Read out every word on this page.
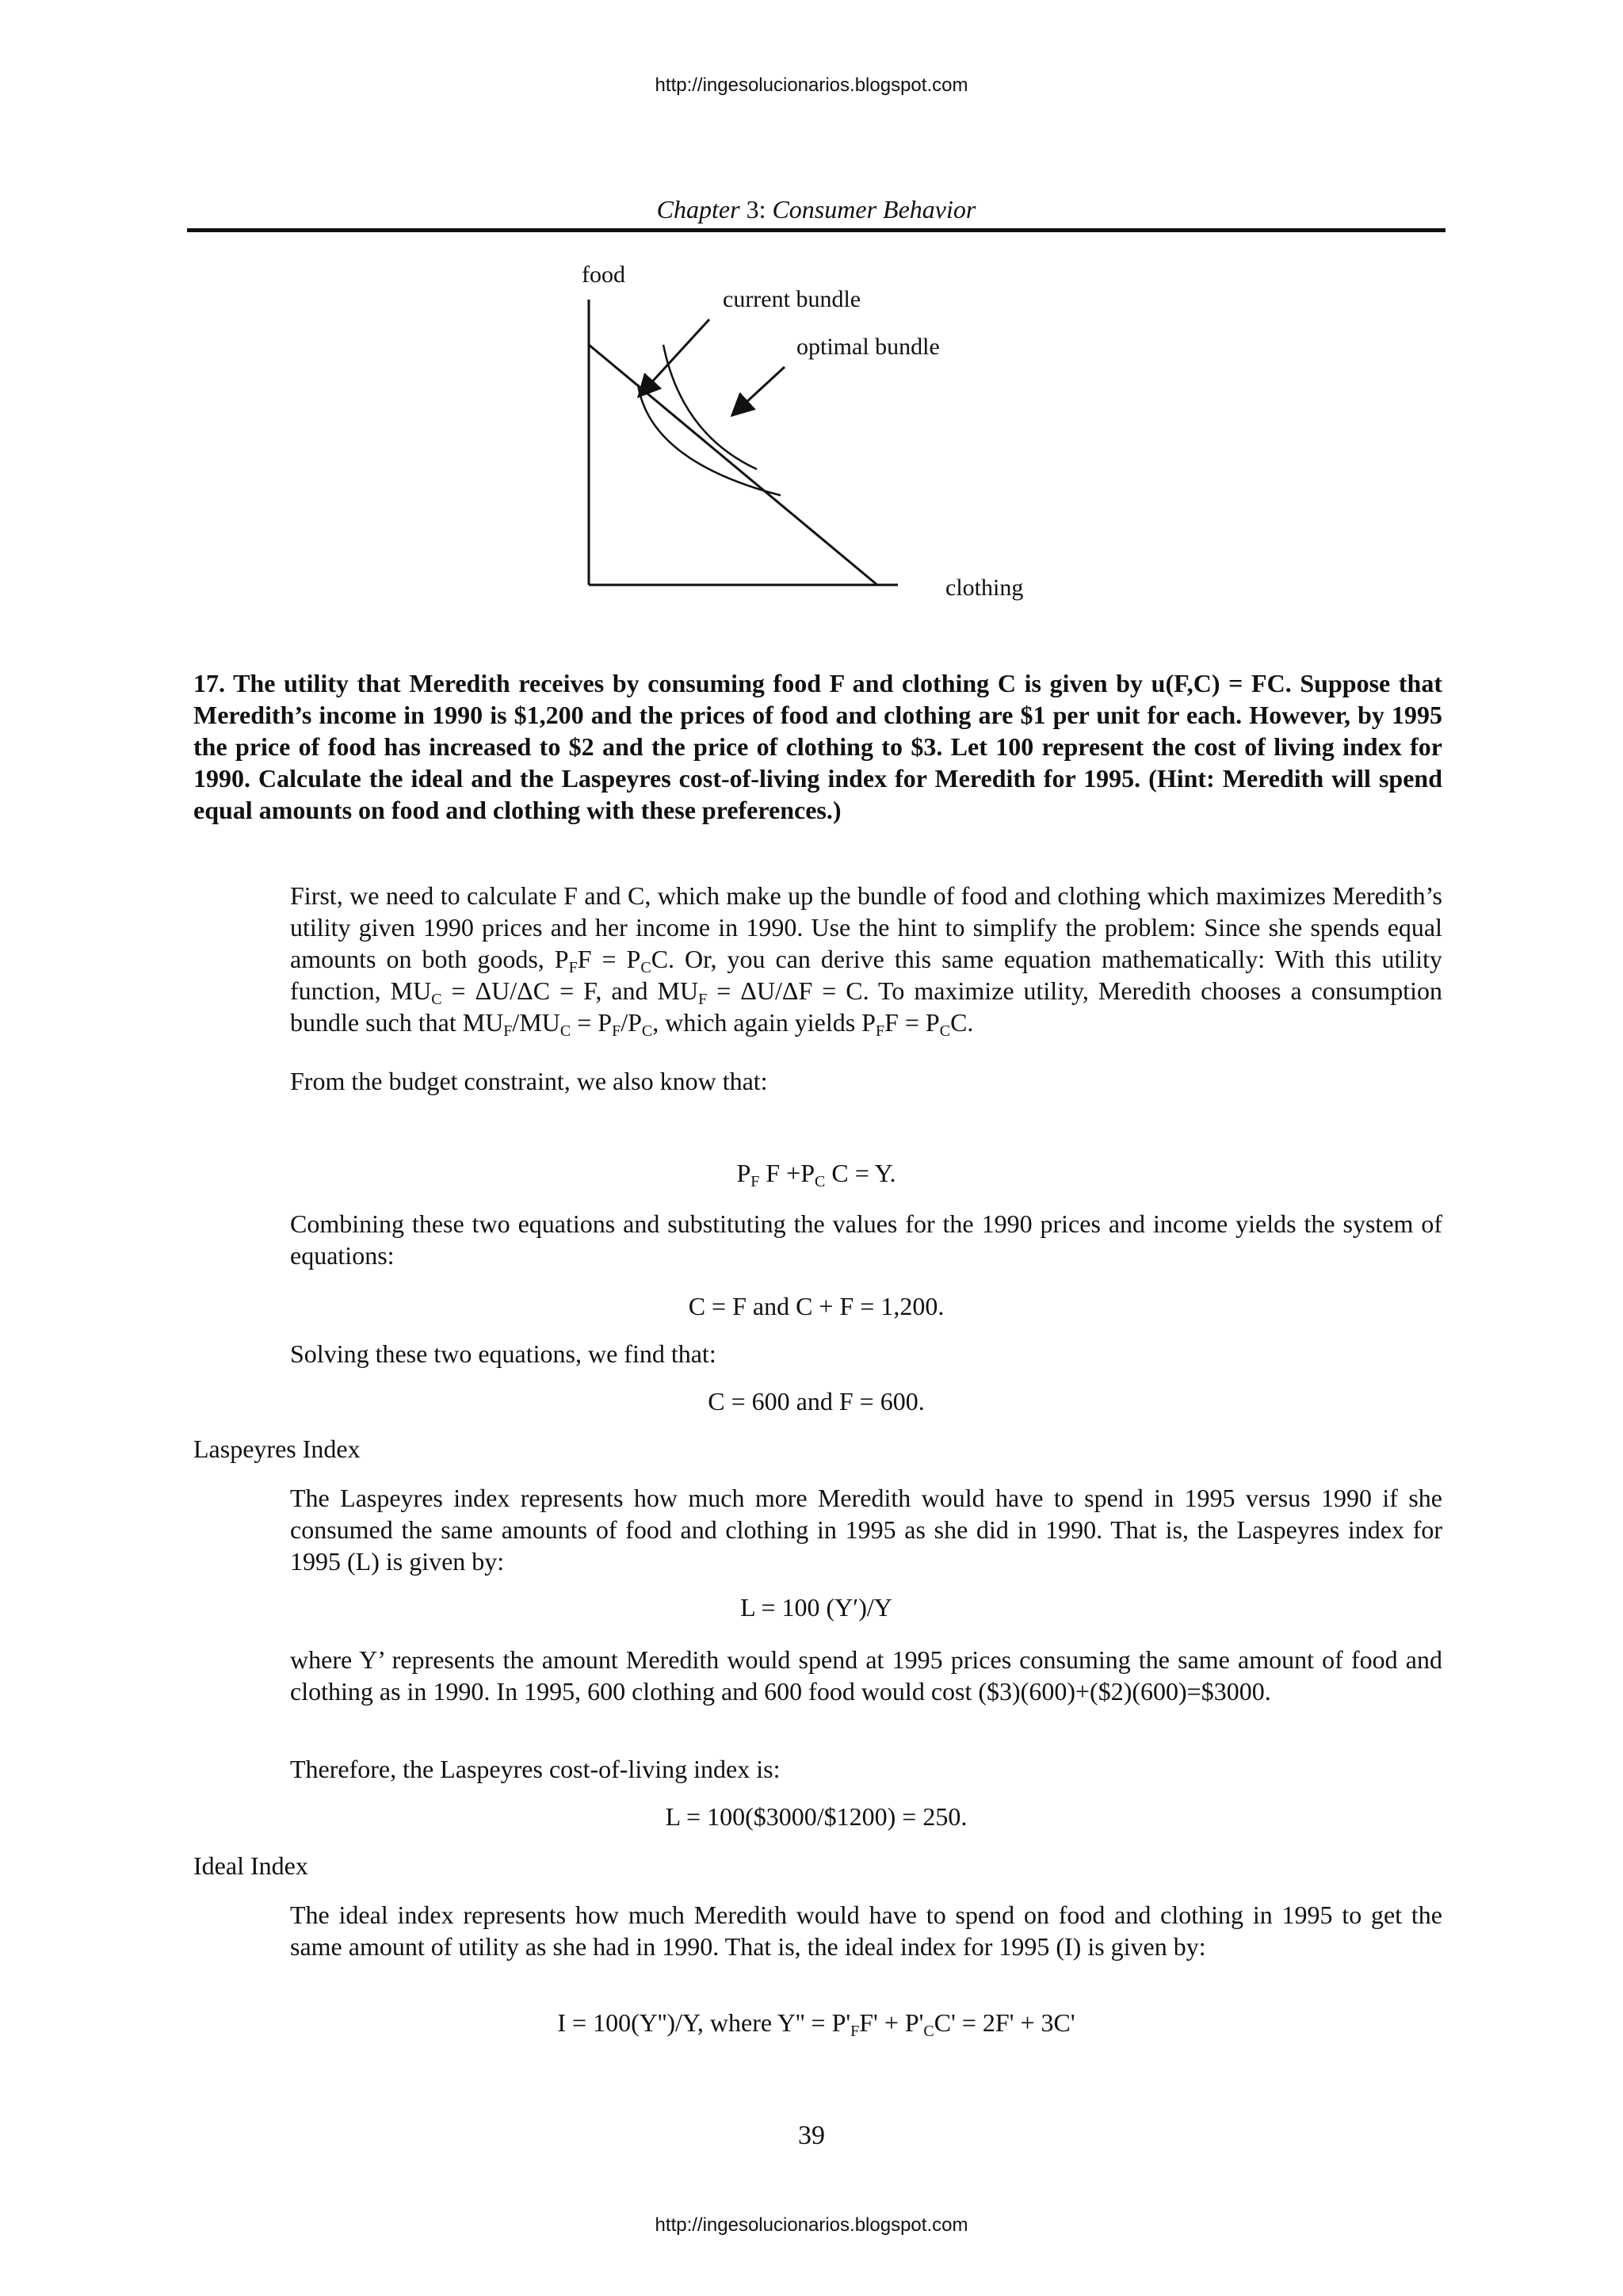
http://ingesolucionarios.blogspot.com
Chapter 3: Consumer Behavior
food
current bundle
optimal bundle
clothing
17. The utility that Meredith receives by consuming food F and clothing C is given by u(F,C) = FC. Suppose that Meredith’s income in 1990 is $1,200 and the prices of food and clothing are $1 per unit for each. However, by 1995 the price of food has increased to $2 and the price of clothing to $3. Let 100 represent the cost of living index for 1990. Calculate the ideal and the Laspeyres cost-of-living index for Meredith for 1995. (Hint: Meredith will spend equal amounts on food and clothing with these preferences.)
First, we need to calculate F and C, which make up the bundle of food and clothing which maximizes Meredith’s utility given 1990 prices and her income in 1990. Use the hint to simplify the problem: Since she spends equal amounts on both goods, $P_FF = P_CC$. Or, you can derive this same equation mathematically: With this utility function, $MU_C = \Delta U/\Delta C = F$, and $MU_F = \Delta U/\Delta F = C$. To maximize utility, Meredith chooses a consumption bundle such that $MU_F/MU_C = P_F/P_C$, which again yields $P_FF = P_CC$.
From the budget constraint, we also know that:
$P_F$ $F +P_C$ C = Y.
Combining these two equations and substituting the values for the 1990 prices and income yields the system of equations:
C = F and C + F = 1,200.
Solving these two equations, we find that:
C = 600 and F = 600.
Laspeyres Index
The Laspeyres index represents how much more Meredith would have to spend in 1995 versus 1990 if she consumed the same amounts of food and clothing in 1995 as she did in 1990. That is, the Laspeyres index for 1995 (L) is given by:
L = 100 (Y′)/Y
where Y’ represents the amount Meredith would spend at 1995 prices consuming the same amount of food and clothing as in 1990. In 1995, 600 clothing and 600 food would cost ($3)(600)+($2)(600)=$3000.
Therefore, the Laspeyres cost-of-living index is:
L = 100($3000/$1200) = 250.
Ideal Index
The ideal index represents how much Meredith would have to spend on food and clothing in 1995 to get the same amount of utility as she had in 1990. That is, the ideal index for 1995 (I) is given by:
I = 100(Y'')/Y, where $Y'' = P'_FF' + P'_CC' = 2F' + 3C'$
39
http://ingesolucionarios.blogspot.com
